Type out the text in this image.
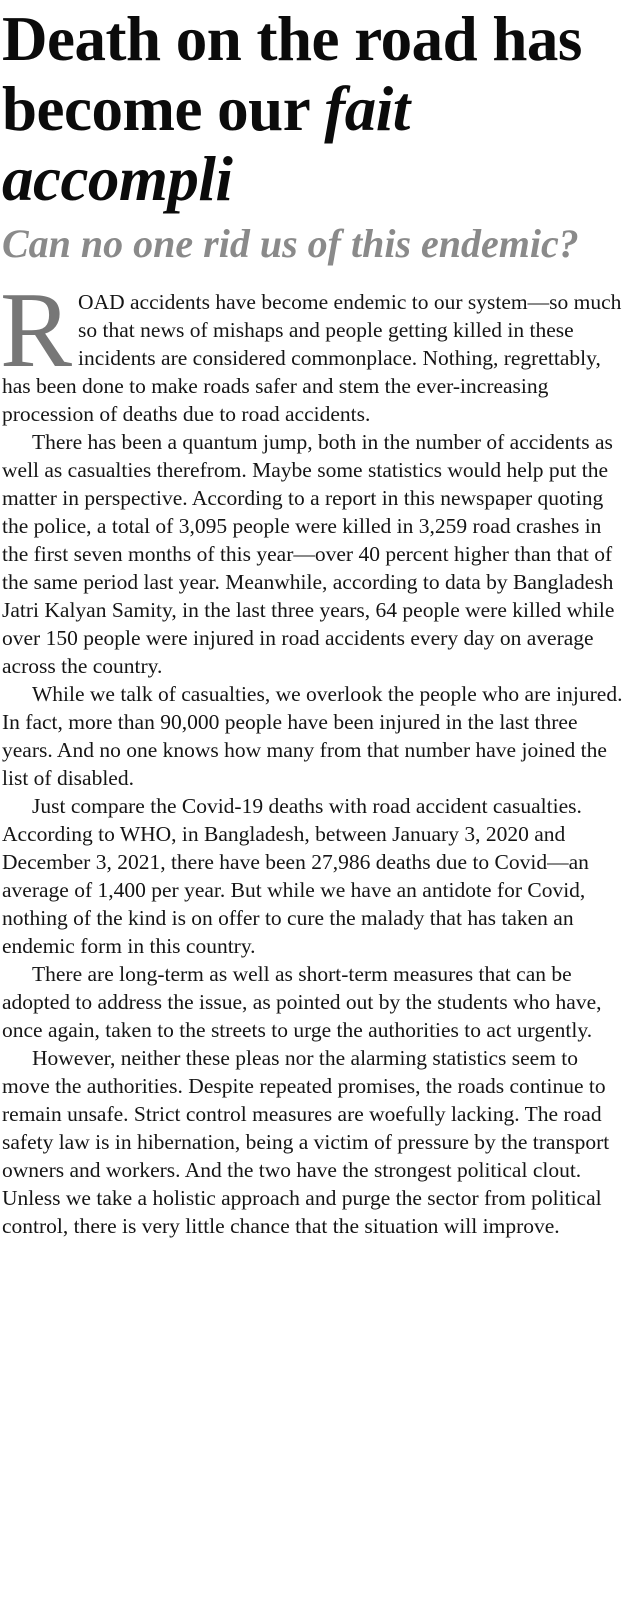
Death on the road has become our fait accompli
Can no one rid us of this endemic?

ROAD accidents have become endemic to our system—so much so that news of mishaps and people getting killed in these incidents are considered commonplace. Nothing, regrettably, has been done to make roads safer and stem the ever-increasing procession of deaths due to road accidents.

There has been a quantum jump, both in the number of accidents as well as casualties therefrom. Maybe some statistics would help put the matter in perspective. According to a report in this newspaper quoting the police, a total of 3,095 people were killed in 3,259 road crashes in the first seven months of this year—over 40 percent higher than that of the same period last year. Meanwhile, according to data by Bangladesh Jatri Kalyan Samity, in the last three years, 64 people were killed while over 150 people were injured in road accidents every day on average across the country.

While we talk of casualties, we overlook the people who are injured. In fact, more than 90,000 people have been injured in the last three years. And no one knows how many from that number have joined the list of disabled.

Just compare the Covid-19 deaths with road accident casualties. According to WHO, in Bangladesh, between January 3, 2020 and December 3, 2021, there have been 27,986 deaths due to Covid—an average of 1,400 per year. But while we have an antidote for Covid, nothing of the kind is on offer to cure the malady that has taken an endemic form in this country.

There are long-term as well as short-term measures that can be adopted to address the issue, as pointed out by the students who have, once again, taken to the streets to urge the authorities to act urgently.

However, neither these pleas nor the alarming statistics seem to move the authorities. Despite repeated promises, the roads continue to remain unsafe. Strict control measures are woefully lacking. The road safety law is in hibernation, being a victim of pressure by the transport owners and workers. And the two have the strongest political clout. Unless we take a holistic approach and purge the sector from political control, there is very little chance that the situation will improve.
